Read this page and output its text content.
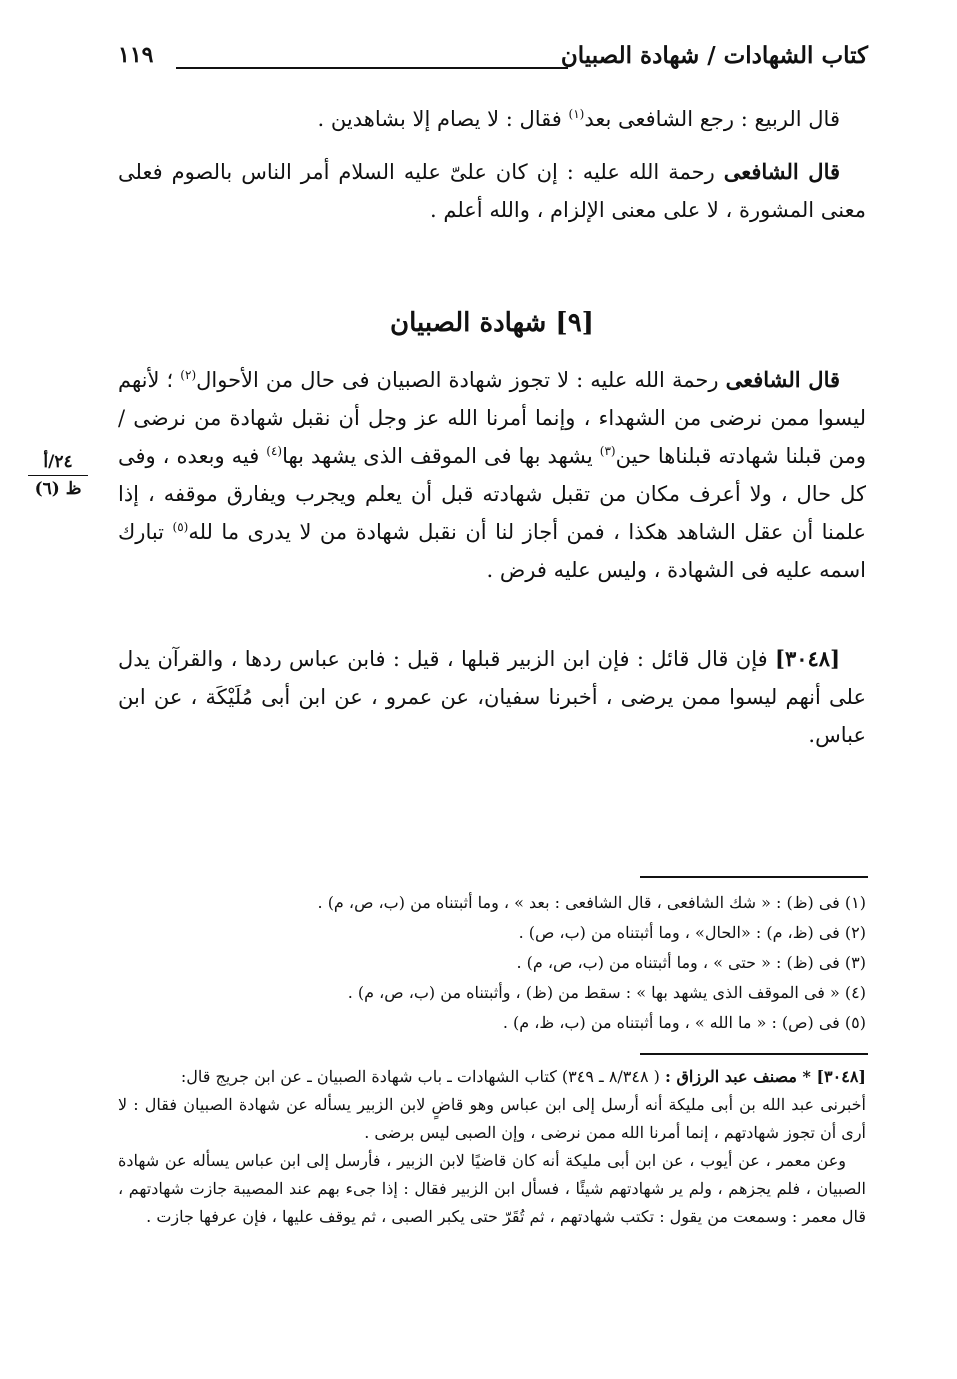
١١٩	كتاب الشهادات / شهادة الصبيان

قال الربيع : رجع الشافعى بعد$^{(١)}$ فقال : لا يصام إلا بشاهدين .

قال الشافعى رحمة الله عليه : إن كان علىّ عليه السلام أمر الناس بالصوم فعلى معنى المشورة ، لا على معنى الإلزام ، والله أعلم .

[٩] شهادة الصبيان

قال الشافعى رحمة الله عليه : لا تجوز شهادة الصبيان فى حال من الأحوال$^{(٢)}$ ؛ لأنهم ليسوا ممن نرضى من الشهداء ، وإنما أمرنا الله عز وجل أن نقبل شهادة من نرضى / ومن قبلنا شهادته قبلناها حين$^{(٣)}$ يشهد بها فى الموقف الذى يشهد بها$^{(٤)}$ فيه وبعده ، وفى كل حال ، ولا أعرف مكان من تقبل شهادته قبل أن يعلم ويجرب ويفارق موقفه ، إذا علمنا أن عقل الشاهد هكذا ، فمن أجاز لنا أن نقبل شهادة من لا يدرى ما لله$^{(٥)}$ تبارك اسمه عليه فى الشهادة ، وليس عليه فرض .

٢٤/أ
ظ (٦)

[٣٠٤٨] فإن قال قائل : فإن ابن الزبير قبلها ، قيل : فابن عباس ردها ، والقرآن يدل على أنهم ليسوا ممن يرضى ، أخبرنا سفيان، عن عمرو ، عن ابن أبى مُلَيْكَة ، عن ابن عباس.

(١) فى (ظ) : « شك الشافعى ، قال الشافعى : بعد » ، وما أثبتناه من (ب، ص، م) .

(٢) فى (ظ، م) : «الحال» ، وما أثبتناه من (ب، ص) .

(٣) فى (ظ) : « حتى » ، وما أثبتناه من (ب، ص، م) .

(٤) « فى الموقف الذى يشهد بها » : سقط من (ظ) ، وأثبتناه من (ب، ص، م) .

(٥) فى (ص) : « ما الله » ، وما أثبتناه من (ب، ظ، م) .

[٣٠٤٨] * مصنف عبد الرزاق : ( ٨/٣٤٨ ـ ٣٤٩) كتاب الشهادات ـ باب شهادة الصبيان ـ عن ابن جريج قال:

أخبرنى عبد الله بن أبى مليكة أنه أرسل إلى ابن عباس وهو قاضٍ لابن الزبير يسأله عن شهادة الصبيان فقال : لا أرى أن تجوز شهادتهم ، إنما أمرنا الله ممن نرضى ، وإن الصبى ليس برضى .

وعن معمر ، عن أيوب ، عن ابن أبى مليكة أنه كان قاضيًا لابن الزبير ، فأرسل إلى ابن عباس يسأله عن شهادة الصبيان ، فلم يجزهم ، ولم ير شهادتهم شيئًا ، فسأل ابن الزبير فقال : إذا جىء بهم عند المصيبة جازت شهادتهم ، قال معمر : وسمعت من يقول : تكتب شهادتهم ، ثم تُقَرّ حتى يكبر الصبى ، ثم يوقف عليها ، فإن عرفها جازت .
